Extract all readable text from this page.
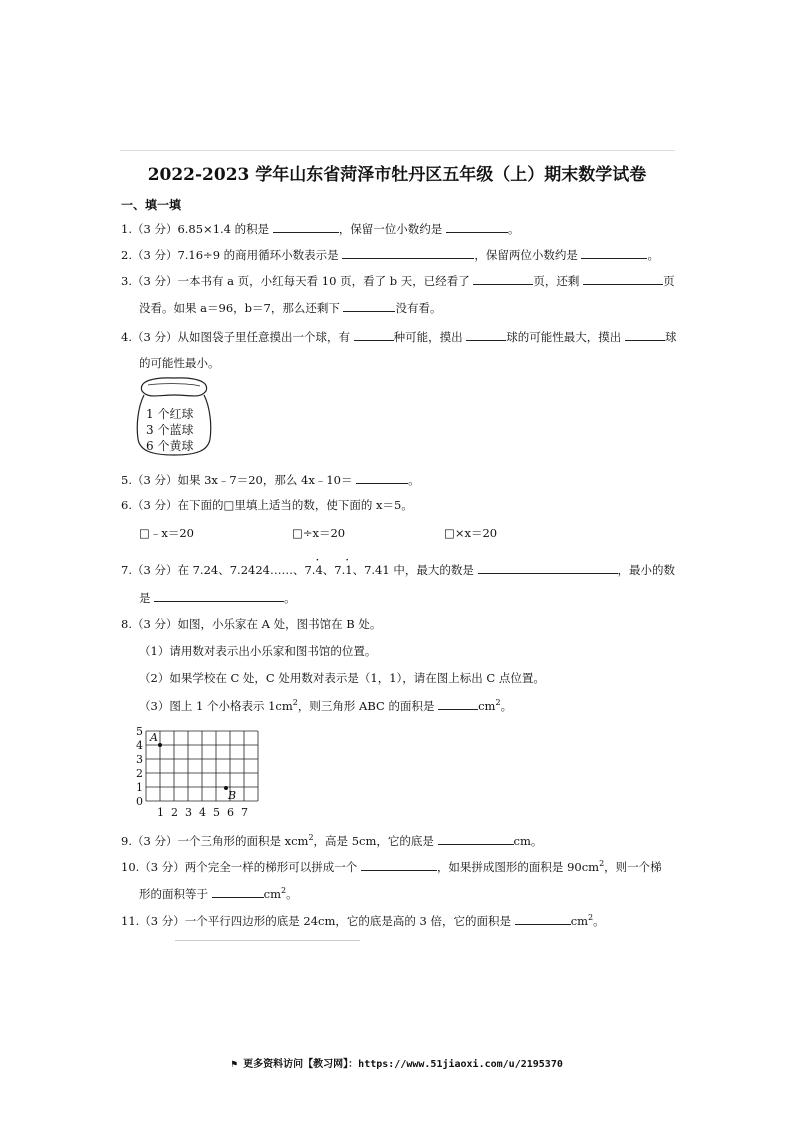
2022-2023 学年山东省菏泽市牡丹区五年级（上）期末数学试卷
一、填一填
1.（3 分）6.85×1.4 的积是	，保留一位小数约是	。
2.（3 分）7.16÷9 的商用循环小数表示是	，保留两位小数约是	。
3.（3 分）一本书有 a 页，小红每天看 10 页，看了 b 天，已经看了	页，还剩	页
没看。如果 a＝96，b＝7，那么还剩下	没有看。
4.（3 分）从如图袋子里任意摸出一个球，有	种可能，摸出	球的可能性最大，摸出	球
的可能性最小。
1 个红球
3 个蓝球
6 个黄球
5.（3 分）如果 3x﹣7＝20，那么 4x﹣10＝	。
6.（3 分）在下面的□里填上适当的数，使下面的 x＝5。
□﹣x＝20	□÷x＝20	□×x＝20
7.（3 分）在 7.24、7.2424……、7.· 4、7.· 1、7.41 中，最大的数是	，最小的数
是	。
8.（3 分）如图，小乐家在 A 处，图书馆在 B 处。
（1）请用数对表示出小乐家和图书馆的位置。
（2）如果学校在 C 处，C 处用数对表示是（1，1），请在图上标出 C 点位置。
（3）图上 1 个小格表示 $1cm^2$，则三角形 ABC 的面积是	$cm^2$。
5
4
3
2
1
0
1 2 3 4 5 6 7
A
B
9.（3 分）一个三角形的面积是 xcm$^2$，高是 5cm，它的底是	cm。
10.（3 分）两个完全一样的梯形可以拼成一个	，如果拼成图形的面积是 $90cm^2$，则一个梯
形的面积等于	$cm^2$。
11.（3 分）一个平行四边形的底是 24cm，它的底是高的 3 倍，它的面积是	$cm^2$。
⚑ 更多资料访问【教习网】：https://www.51jiaoxi.com/u/2195370
